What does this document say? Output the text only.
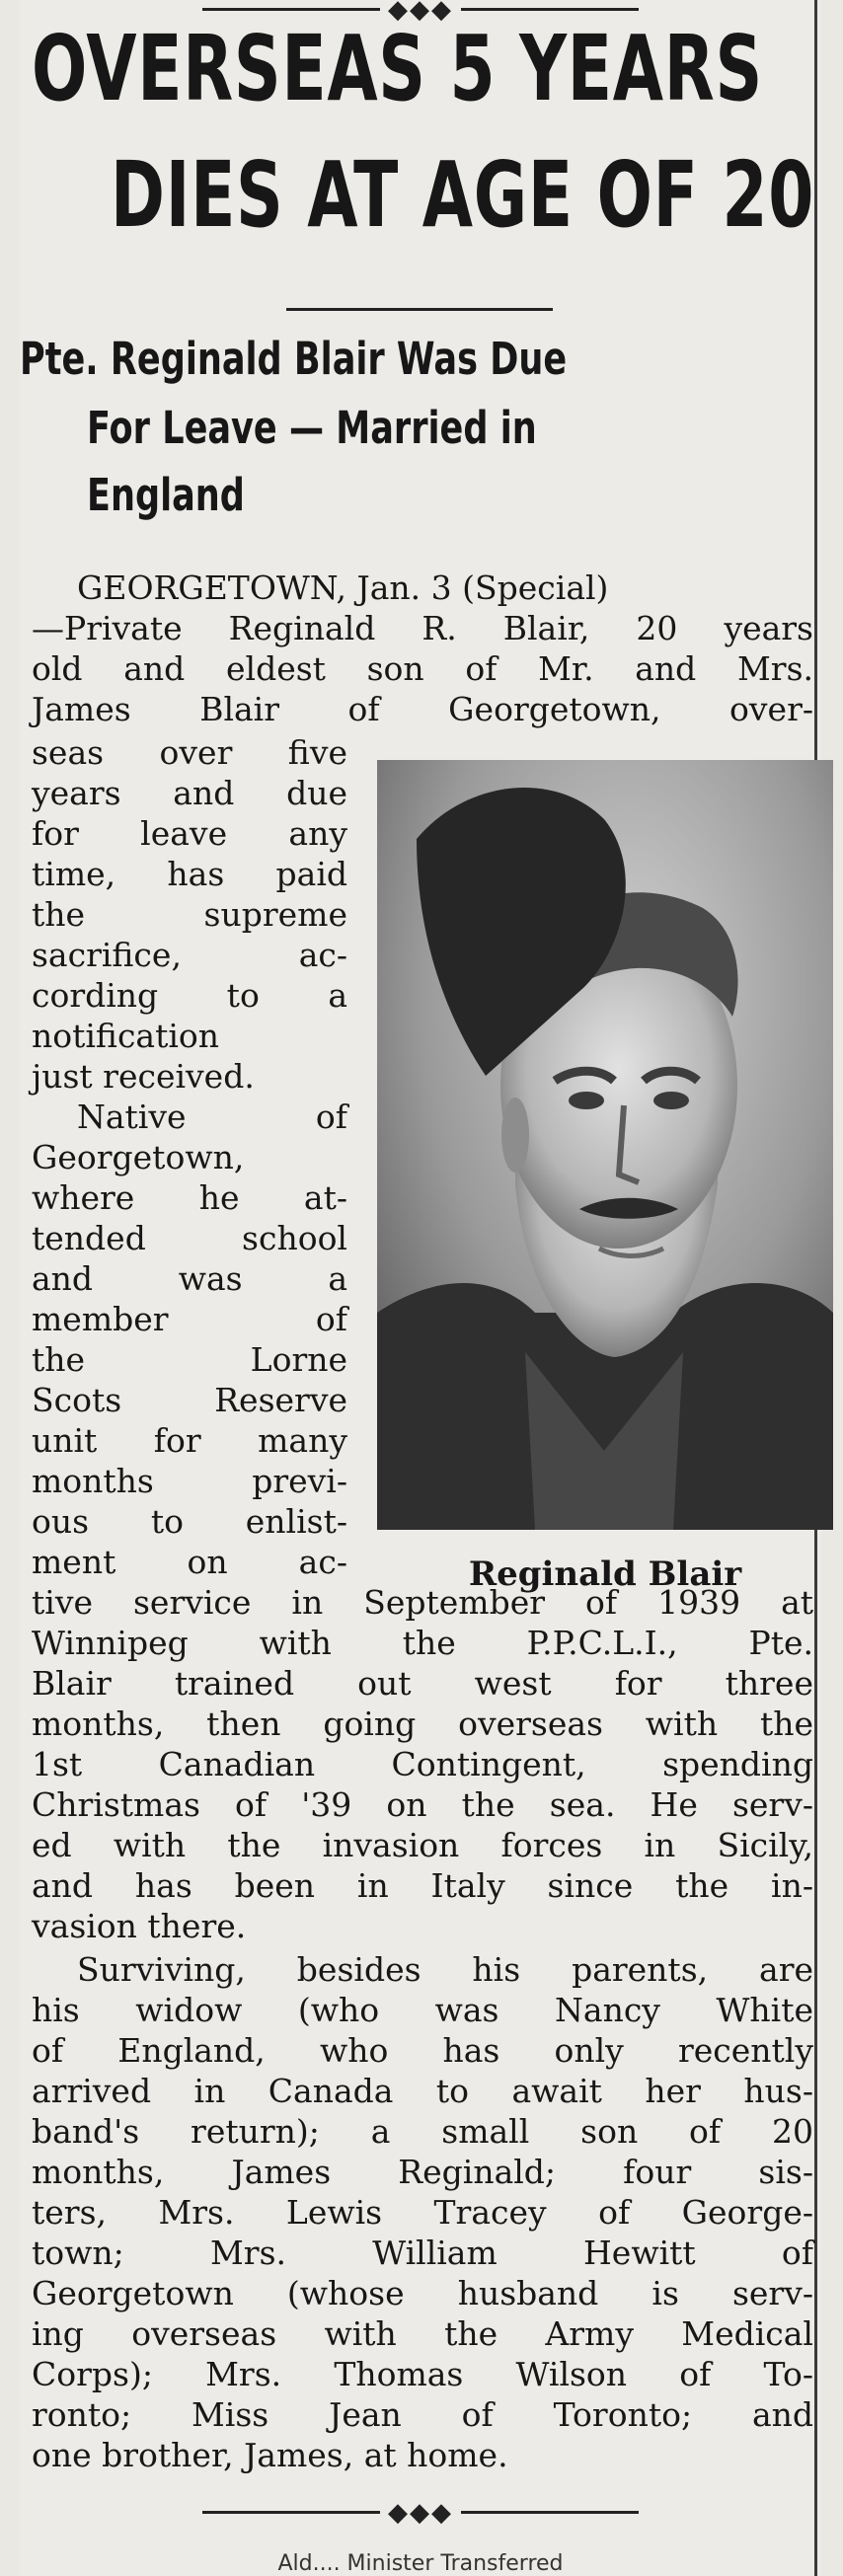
◆◆◆
OVERSEAS 5 YEARS
DIES AT AGE OF 20
Pte. Reginald Blair Was Due
For Leave — Married in
England
GEORGETOWN, Jan. 3 (Special)
—Private Reginald R. Blair, 20 years
old and eldest son of Mr. and Mrs.
James Blair of Georgetown, over-
seas over five
years and due
for leave any
time, has paid
the supreme
sacrifice, ac-
cording to a
notification
just received.
Native of
Georgetown,
where he at-
tended school
and was a
member of
the Lorne
Scots Reserve
unit for many
months previ-
ous to enlist-
ment on ac-	Reginald Blair
tive service in September of 1939 at
Winnipeg with the P.P.C.L.I., Pte.
Blair trained out west for three
months, then going overseas with the
1st Canadian Contingent, spending
Christmas of '39 on the sea. He serv-
ed with the invasion forces in Sicily,
and has been in Italy since the in-
vasion there.
Surviving, besides his parents, are
his widow (who was Nancy White
of England, who has only recently
arrived in Canada to await her hus-
band's return); a small son of 20
months, James Reginald; four sis-
ters, Mrs. Lewis Tracey of George-
town; Mrs. William Hewitt of
Georgetown (whose husband is serv-
ing overseas with the Army Medical
Corps); Mrs. Thomas Wilson of To-
ronto; Miss Jean of Toronto; and
one brother, James, at home.
◆◆◆
Ald.... Minister Transferred
